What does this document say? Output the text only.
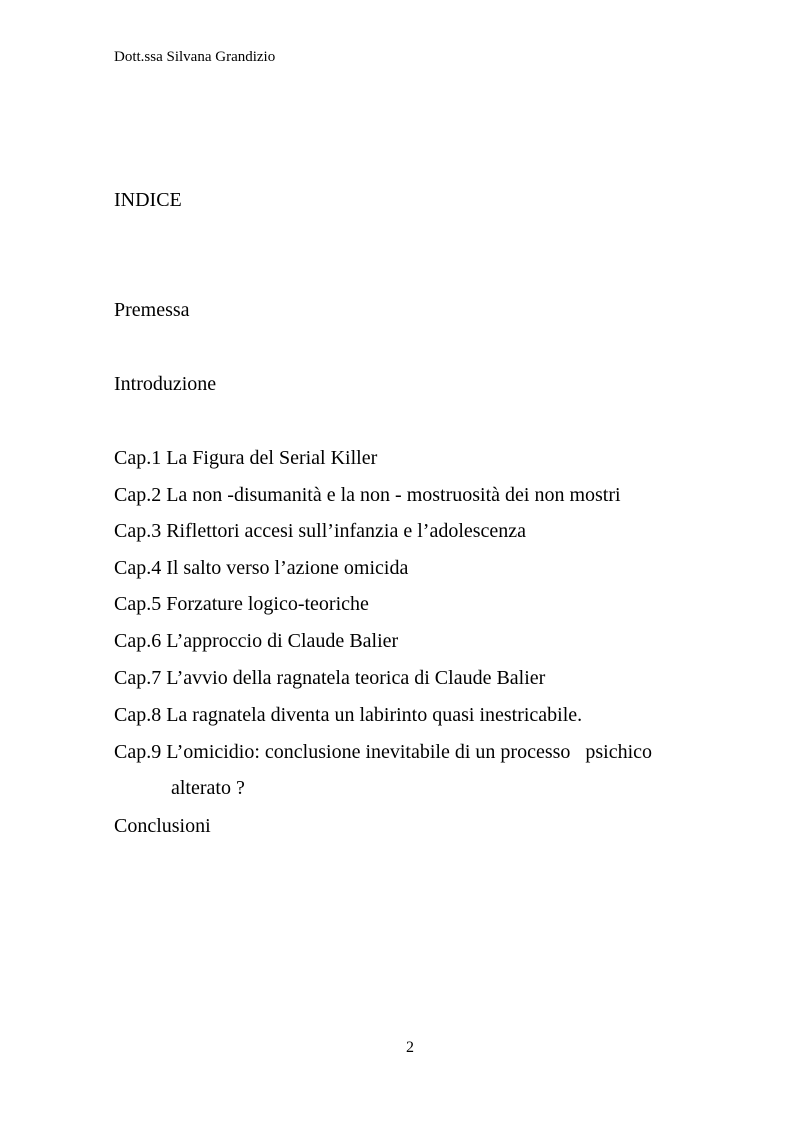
Dott.ssa Silvana Grandizio
INDICE
Premessa
Introduzione
Cap.1 La Figura del Serial Killer
Cap.2 La non -disumanità e la non - mostruosità dei non mostri
Cap.3 Riflettori accesi sull’infanzia e l’adolescenza
Cap.4 Il salto verso l’azione omicida
Cap.5 Forzature logico-teoriche
Cap.6 L’approccio di Claude Balier
Cap.7 L’avvio della ragnatela teorica di Claude Balier
Cap.8 La ragnatela diventa un labirinto quasi inestricabile.
Cap.9 L’omicidio: conclusione inevitabile di un processo   psichico
alterato ?
Conclusioni
2
